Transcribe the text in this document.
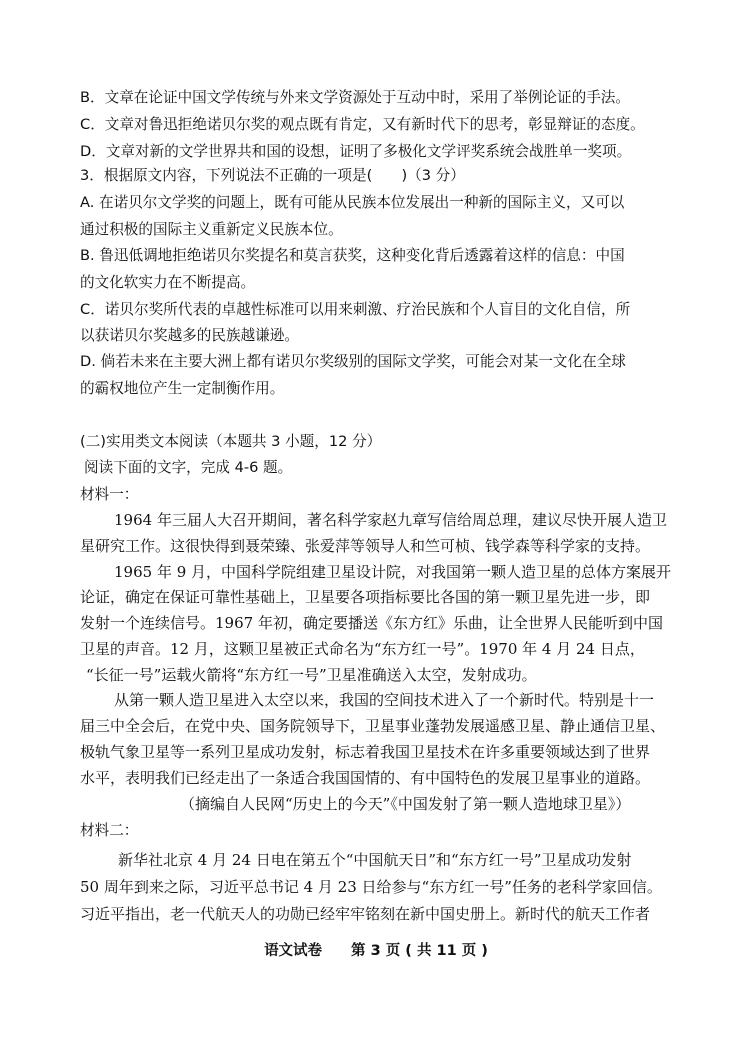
B．文章在论证中国文学传统与外来文学资源处于互动中时，采用了举例论证的手法。
C．文章对鲁迅拒绝诺贝尔奖的观点既有肯定，又有新时代下的思考，彰显辩证的态度。
D．文章对新的文学世界共和国的设想，证明了多极化文学评奖系统会战胜单一奖项。
3．根据原文内容，下列说法不正确的一项是(　　)（3 分）
A. 在诺贝尔文学奖的问题上，既有可能从民族本位发展出一种新的国际主义，又可以
通过积极的国际主义重新定义民族本位。
B. 鲁迅低调地拒绝诺贝尔奖提名和莫言获奖，这种变化背后透露着这样的信息：中国
的文化软实力在不断提高。
C．诺贝尔奖所代表的卓越性标准可以用来刺激、疗治民族和个人盲目的文化自信，所
以获诺贝尔奖越多的民族越谦逊。
D. 倘若未来在主要大洲上都有诺贝尔奖级别的国际文学奖，可能会对某一文化在全球
的霸权地位产生一定制衡作用。
(二)实用类文本阅读（本题共 3 小题，12 分）
阅读下面的文字，完成 4-6 题。
材料一：
1964 年三届人大召开期间，著名科学家赵九章写信给周总理，建议尽快开展人造卫
星研究工作。这很快得到聂荣臻、张爱萍等领导人和竺可桢、钱学森等科学家的支持。
1965 年 9 月，中国科学院组建卫星设计院，对我国第一颗人造卫星的总体方案展开
论证，确定在保证可靠性基础上，卫星要各项指标要比各国的第一颗卫星先进一步，即
发射一个连续信号。1967 年初，确定要播送《东方红》乐曲，让全世界人民能听到中国
卫星的声音。12 月，这颗卫星被正式命名为“东方红一号”。1970 年 4 月 24 日点，
“长征一号”运载火箭将“东方红一号”卫星准确送入太空，发射成功。
从第一颗人造卫星进入太空以来，我国的空间技术进入了一个新时代。特别是十一
届三中全会后，在党中央、国务院领导下，卫星事业蓬勃发展遥感卫星、静止通信卫星、
极轨气象卫星等一系列卫星成功发射，标志着我国卫星技术在许多重要领域达到了世界
水平，表明我们已经走出了一条适合我国国情的、有中国特色的发展卫星事业的道路。
（摘编自人民网“历史上的今天”《中国发射了第一颗人造地球卫星》）
材料二：
新华社北京 4 月 24 日电在第五个“中国航天日”和“东方红一号”卫星成功发射
50 周年到来之际，习近平总书记 4 月 23 日给参与“东方红一号”任务的老科学家回信。
习近平指出，老一代航天人的功勋已经牢牢铭刻在新中国史册上。新时代的航天工作者
语文试卷　　第 3 页 ( 共 11 页 )
